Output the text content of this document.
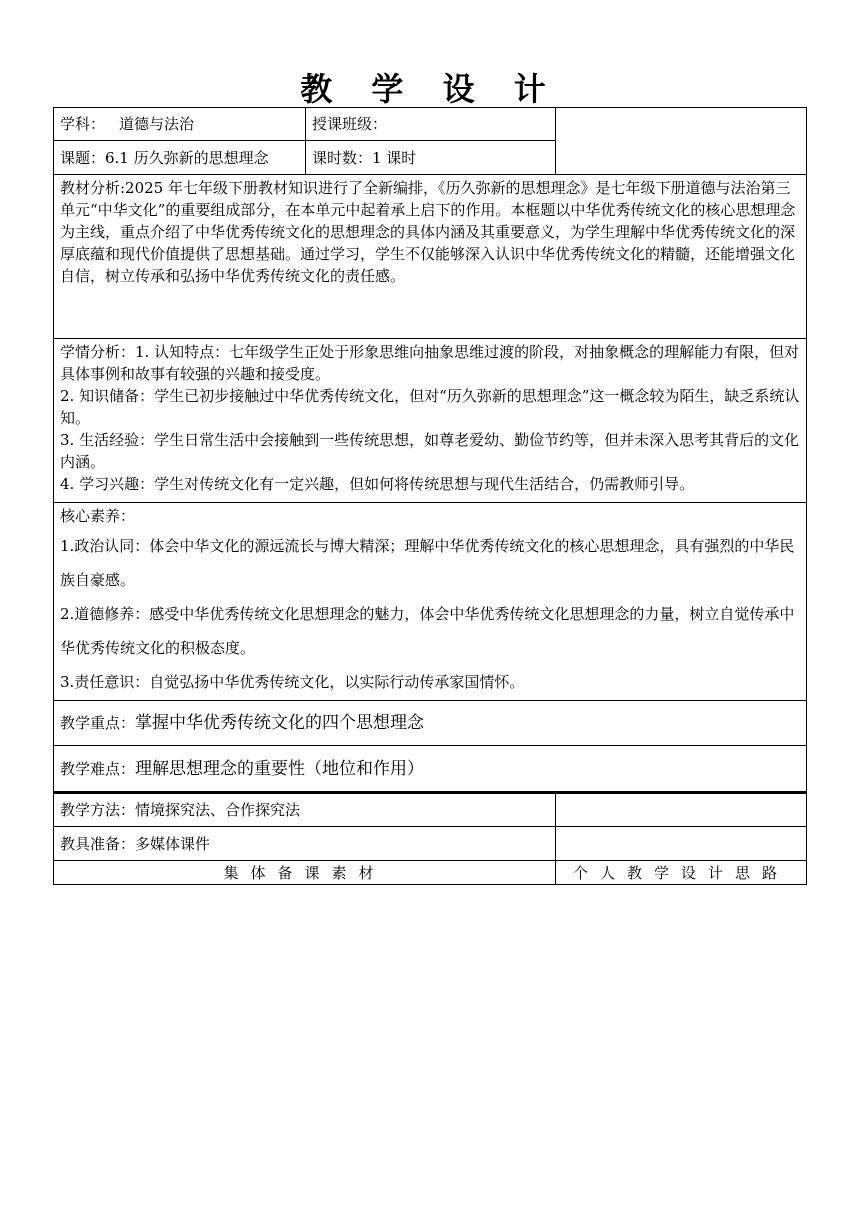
教 学 设 计
学科： 道德与法治	授课班级：
课题：6.1 历久弥新的思想理念	课时数：1 课时

教材分析:2025 年七年级下册教材知识进行了全新编排，《历久弥新的思想理念》是七年级下册道德与法治第三单元“中华文化”的重要组成部分，在本单元中起着承上启下的作用。本框题以中华优秀传统文化的核心思想理念为主线，重点介绍了中华优秀传统文化的思想理念的具体内涵及其重要意义，为学生理解中华优秀传统文化的深厚底蕴和现代价值提供了思想基础。通过学习，学生不仅能够深入认识中华优秀传统文化的精髓，还能增强文化自信，树立传承和弘扬中华优秀传统文化的责任感。

学情分析：1. 认知特点：七年级学生正处于形象思维向抽象思维过渡的阶段，对抽象概念的理解能力有限，但对具体事例和故事有较强的兴趣和接受度。

2. 知识储备：学生已初步接触过中华优秀传统文化，但对“历久弥新的思想理念”这一概念较为陌生，缺乏系统认知。

3. 生活经验：学生日常生活中会接触到一些传统思想，如尊老爱幼、勤俭节约等，但并未深入思考其背后的文化内涵。

4. 学习兴趣：学生对传统文化有一定兴趣，但如何将传统思想与现代生活结合，仍需教师引导。

核心素养：

1.政治认同：体会中华文化的源远流长与博大精深；理解中华优秀传统文化的核心思想理念，具有强烈的中华民族自豪感。

2.道德修养：感受中华优秀传统文化思想理念的魅力，体会中华优秀传统文化思想理念的力量，树立自觉传承中华优秀传统文化的积极态度。

3.责任意识：自觉弘扬中华优秀传统文化，以实际行动传承家国情怀。

教学重点： 掌握中华优秀传统文化的四个思想理念
教学难点： 理解思想理念的重要性（地位和作用）
教学方法：情境探究法、合作探究法
教具准备：多媒体课件
集体备课素材	个人教学设计思路
